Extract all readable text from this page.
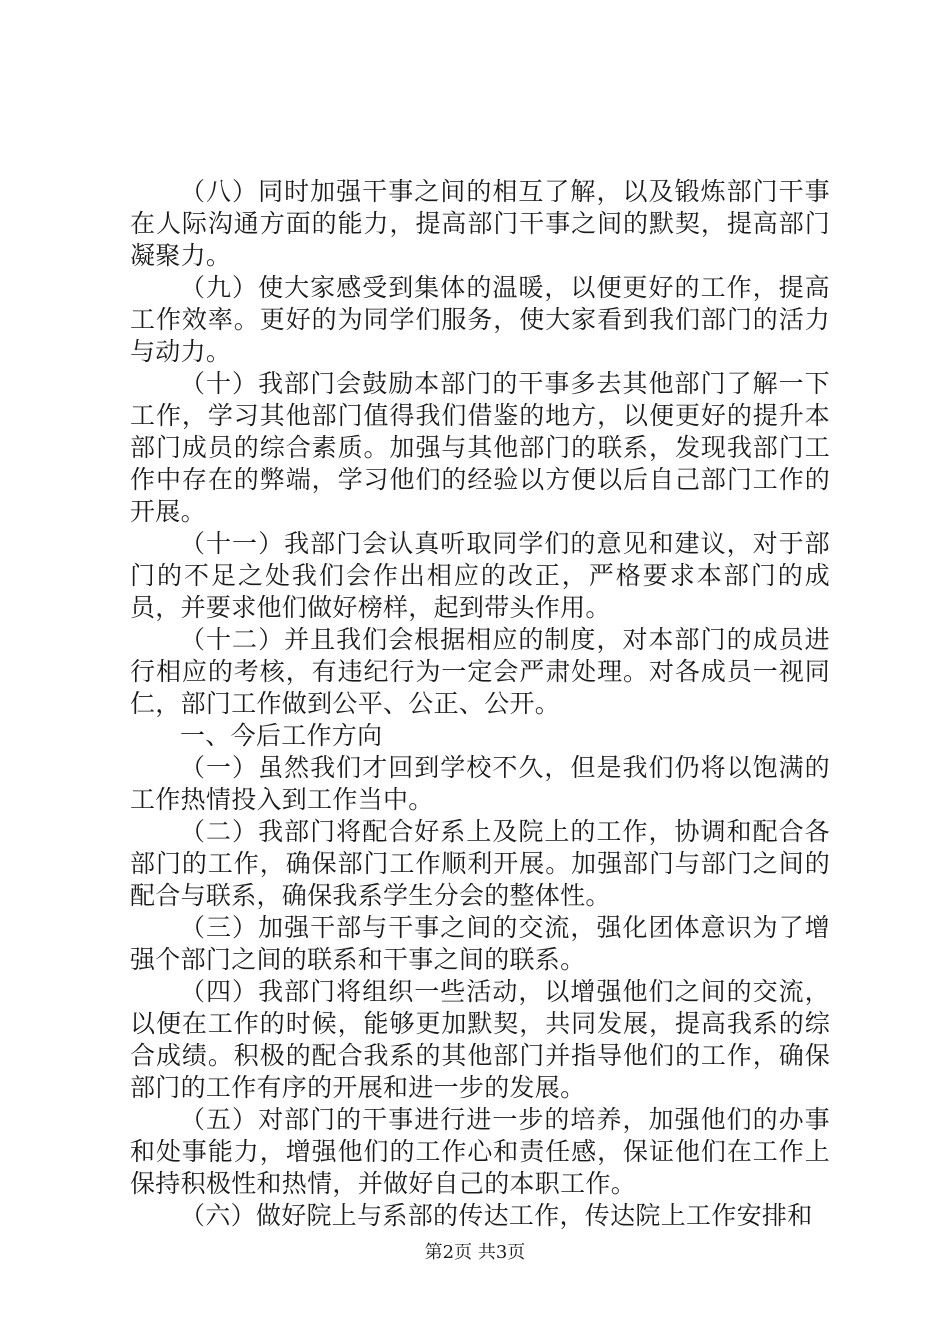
（八）同时加强干事之间的相互了解，以及锻炼部门干事在人际沟通方面的能力，提高部门干事之间的默契，提高部门凝聚力。

（九）使大家感受到集体的温暖，以便更好的工作，提高工作效率。更好的为同学们服务，使大家看到我们部门的活力与动力。

（十）我部门会鼓励本部门的干事多去其他部门了解一下工作，学习其他部门值得我们借鉴的地方，以便更好的提升本部门成员的综合素质。加强与其他部门的联系，发现我部门工作中存在的弊端，学习他们的经验以方便以后自己部门工作的开展。

（十一）我部门会认真听取同学们的意见和建议，对于部门的不足之处我们会作出相应的改正，严格要求本部门的成员，并要求他们做好榜样，起到带头作用。

（十二）并且我们会根据相应的制度，对本部门的成员进行相应的考核，有违纪行为一定会严肃处理。对各成员一视同仁，部门工作做到公平、公正、公开。

一、今后工作方向

（一）虽然我们才回到学校不久，但是我们仍将以饱满的工作热情投入到工作当中。

（二）我部门将配合好系上及院上的工作，协调和配合各部门的工作，确保部门工作顺利开展。加强部门与部门之间的配合与联系，确保我系学生分会的整体性。

（三）加强干部与干事之间的交流，强化团体意识为了增强个部门之间的联系和干事之间的联系。

（四）我部门将组织一些活动，以增强他们之间的交流，以便在工作的时候，能够更加默契，共同发展，提高我系的综合成绩。积极的配合我系的其他部门并指导他们的工作，确保部门的工作有序的开展和进一步的发展。

（五）对部门的干事进行进一步的培养，加强他们的办事和处事能力，增强他们的工作心和责任感，保证他们在工作上保持积极性和热情，并做好自己的本职工作。

（六）做好院上与系部的传达工作，传达院上工作安排和

第2页 共3页
